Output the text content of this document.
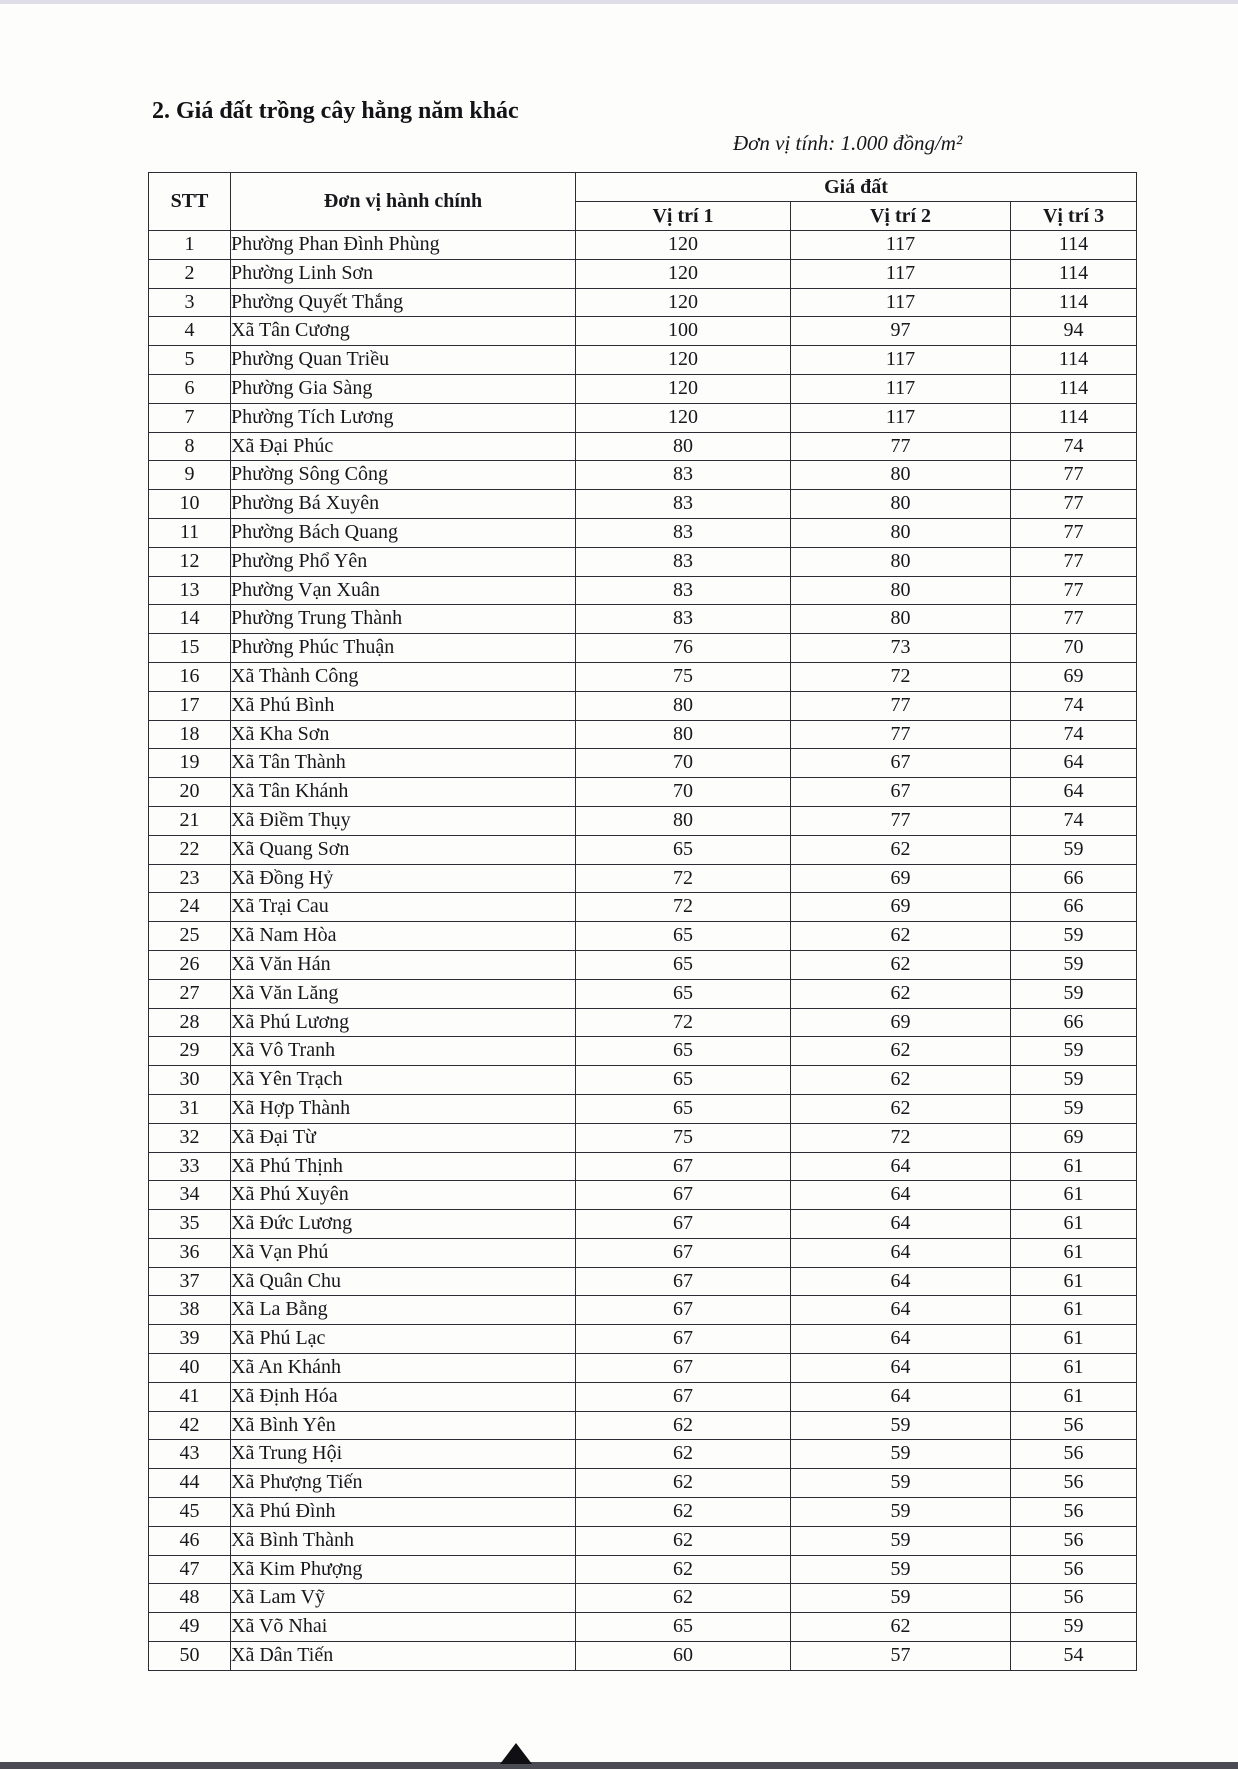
2. Giá đất trồng cây hằng năm khác
Đơn vị tính: 1.000 đồng/m²
STT	Đơn vị hành chính	Giá đất		
		Vị trí 1	Vị trí 2	Vị trí 3
1	Phường Phan Đình Phùng	120	117	114
2	Phường Linh Sơn	120	117	114
3	Phường Quyết Thắng	120	117	114
4	Xã Tân Cương	100	97	94
5	Phường Quan Triều	120	117	114
6	Phường Gia Sàng	120	117	114
7	Phường Tích Lương	120	117	114
8	Xã Đại Phúc	80	77	74
9	Phường Sông Công	83	80	77
10	Phường Bá Xuyên	83	80	77
11	Phường Bách Quang	83	80	77
12	Phường Phổ Yên	83	80	77
13	Phường Vạn Xuân	83	80	77
14	Phường Trung Thành	83	80	77
15	Phường Phúc Thuận	76	73	70
16	Xã Thành Công	75	72	69
17	Xã Phú Bình	80	77	74
18	Xã Kha Sơn	80	77	74
19	Xã Tân Thành	70	67	64
20	Xã Tân Khánh	70	67	64
21	Xã Điềm Thụy	80	77	74
22	Xã Quang Sơn	65	62	59
23	Xã Đồng Hỷ	72	69	66
24	Xã Trại Cau	72	69	66
25	Xã Nam Hòa	65	62	59
26	Xã Văn Hán	65	62	59
27	Xã Văn Lăng	65	62	59
28	Xã Phú Lương	72	69	66
29	Xã Vô Tranh	65	62	59
30	Xã Yên Trạch	65	62	59
31	Xã Hợp Thành	65	62	59
32	Xã Đại Từ	75	72	69
33	Xã Phú Thịnh	67	64	61
34	Xã Phú Xuyên	67	64	61
35	Xã Đức Lương	67	64	61
36	Xã Vạn Phú	67	64	61
37	Xã Quân Chu	67	64	61
38	Xã La Bằng	67	64	61
39	Xã Phú Lạc	67	64	61
40	Xã An Khánh	67	64	61
41	Xã Định Hóa	67	64	61
42	Xã Bình Yên	62	59	56
43	Xã Trung Hội	62	59	56
44	Xã Phượng Tiến	62	59	56
45	Xã Phú Đình	62	59	56
46	Xã Bình Thành	62	59	56
47	Xã Kim Phượng	62	59	56
48	Xã Lam Vỹ	62	59	56
49	Xã Võ Nhai	65	62	59
50	Xã Dân Tiến	60	57	54
